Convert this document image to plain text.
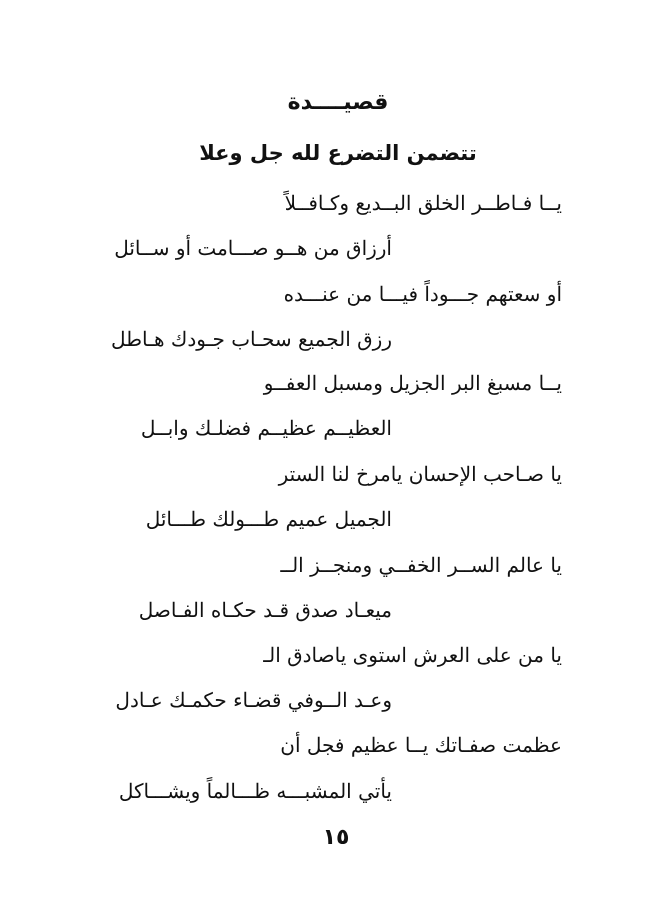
قصيــــدة
تتضمن التضرع لله جل وعلا
يــا فـاطــر الخلق البــديع وكـافــلاً
أرزاق من هــو صـــامت أو ســائل
أو سعتهم جـــوداً فيـــا من عنـــده
رزق الجميع سحـاب جـودك هـاطل
يــا مسبغ البر الجزيل ومسبل العفــو
العظيــم عظيــم فضلـك وابــل
يا صـاحب الإحسان يامرخ لنا الستر
الجميل عميم طـــولك طـــائل
يا عالم الســر الخفــي ومنجــز الــ
ميعـاد صدق قـد حكـاه الفـاصل
يا من على العرش استوى ياصادق الـ
وعـد الــوفي قضـاء حكمـك عـادل
عظمت صفـاتك يــا عظيم فجل أن
يأتي المشبـــه ظـــالماً ويشـــاكل
١٥
